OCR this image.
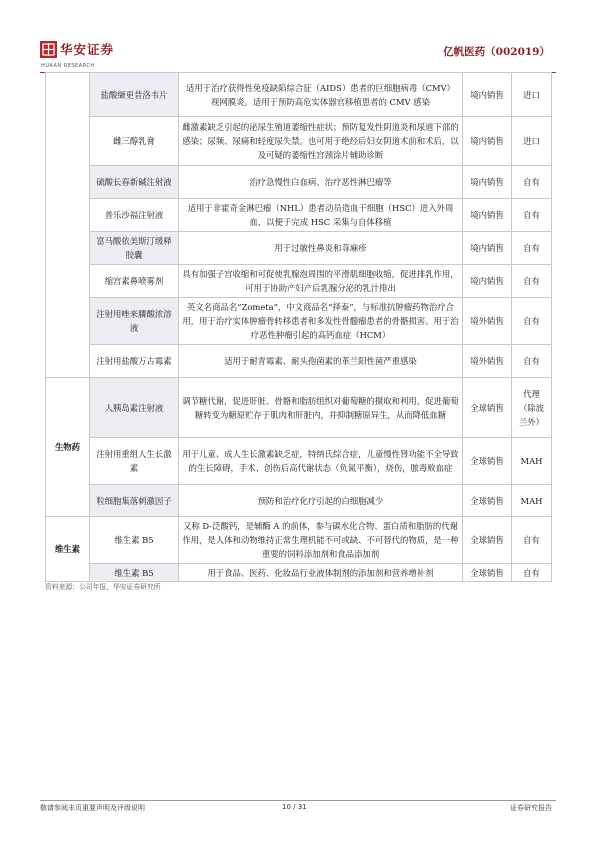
华安证券
HUAAN RESEARCH
亿帆医药（002019）
	盐酸缬更昔洛韦片	适用于治疗获得性免疫缺陷综合征（AIDS）患者的巨细胞病毒（CMV）视网膜炎。适用于预防高危实体器官移植患者的 CMV 感染	境内销售	进口
	雌三醇乳膏	雌激素缺乏引起的泌尿生殖道萎缩性症状；预防复发性阴道炎和尿道下部的感染；尿频、尿痛和轻度尿失禁。也可用于绝经后妇女阴道术前和术后，以及可疑的萎缩性宫颈涂片辅助诊断	境内销售	进口
	硫酸长春新碱注射液	治疗急慢性白血病、治疗恶性淋巴瘤等	境内销售	自有
	普乐沙福注射液	适用于非霍奇金淋巴瘤（NHL）患者动员造血干细胞（HSC）进入外周血，以便于完成 HSC 采集与自体移植	境内销售	自有
	富马酸依美斯汀缓释胶囊	用于过敏性鼻炎和荨麻疹	境内销售	自有
	缩宫素鼻喷雾剂	具有加强子宫收缩和可促使乳腺泡周围的平滑肌细胞收缩，促进排乳作用，可用于协助产妇产后乳腺分泌的乳汁排出	境内销售	自有
	注射用唑来膦酸浓溶液	英文名商品名“Zometa”，中文商品名“择泰”，与标准抗肿瘤药物治疗合用，用于治疗实体肿瘤骨转移患者和多发性骨髓瘤患者的骨骼损害。用于治疗恶性肿瘤引起的高钙血症（HCM）	境外销售	自有
	注射用盐酸万古霉素	适用于耐青霉素、耐头孢菌素的革兰阳性菌严重感染	境外销售	自有
生物药	人胰岛素注射液	调节糖代谢，促进肝脏、骨骼和脂肪组织对葡萄糖的摄取和利用，促进葡萄糖转变为糖原贮存于肌肉和肝脏内，并抑制糖原异生，从而降低血糖	全球销售	代理（除波兰外）
	注射用重组人生长激素	用于儿童、成人生长激素缺乏症，特纳氏综合症，儿童慢性肾功能不全导致的生长障碍，手术、创伤后高代谢状态（负氮平衡），烧伤，脓毒败血症	全球销售	MAH
	粒细胞集落刺激因子	预防和治疗化疗引起的白细胞减少	全球销售	MAH
维生素	维生素 B5	又称 D-泛酸钙，是辅酶 A 的前体，参与碳水化合物、蛋白质和脂肪的代谢作用，是人体和动物维持正常生理机能不可或缺、不可替代的物质，是一种重要的饲料添加剂和食品添加剂	全球销售	自有
	维生素 B5	用于食品、医药、化妆品行业液体制剂的添加剂和营养增补剂	全球销售	自有
资料来源：公司年报，华安证券研究所
敬请参阅末页重要声明及评级说明	10 / 31	证券研究报告
